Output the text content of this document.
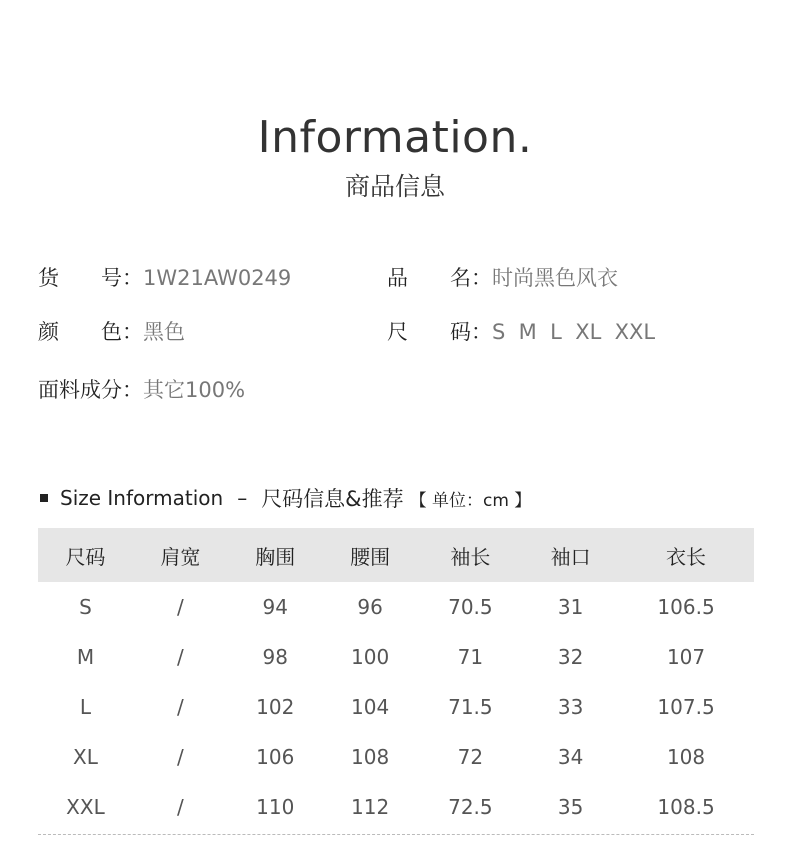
Information.
商品信息
货　　号：1W21AW0249	品　　名：时尚黑色风衣
颜　　色：黑色	尺　　码：S  M  L  XL  XXL
面料成分：其它100%
Size Information – 尺码信息&推荐 【 单位：cm 】
尺码	肩宽	胸围	腰围	袖长	袖口	衣长
S	/	94	96	70.5	31	106.5
M	/	98	100	71	32	107
L	/	102	104	71.5	33	107.5
XL	/	106	108	72	34	108
XXL	/	110	112	72.5	35	108.5
